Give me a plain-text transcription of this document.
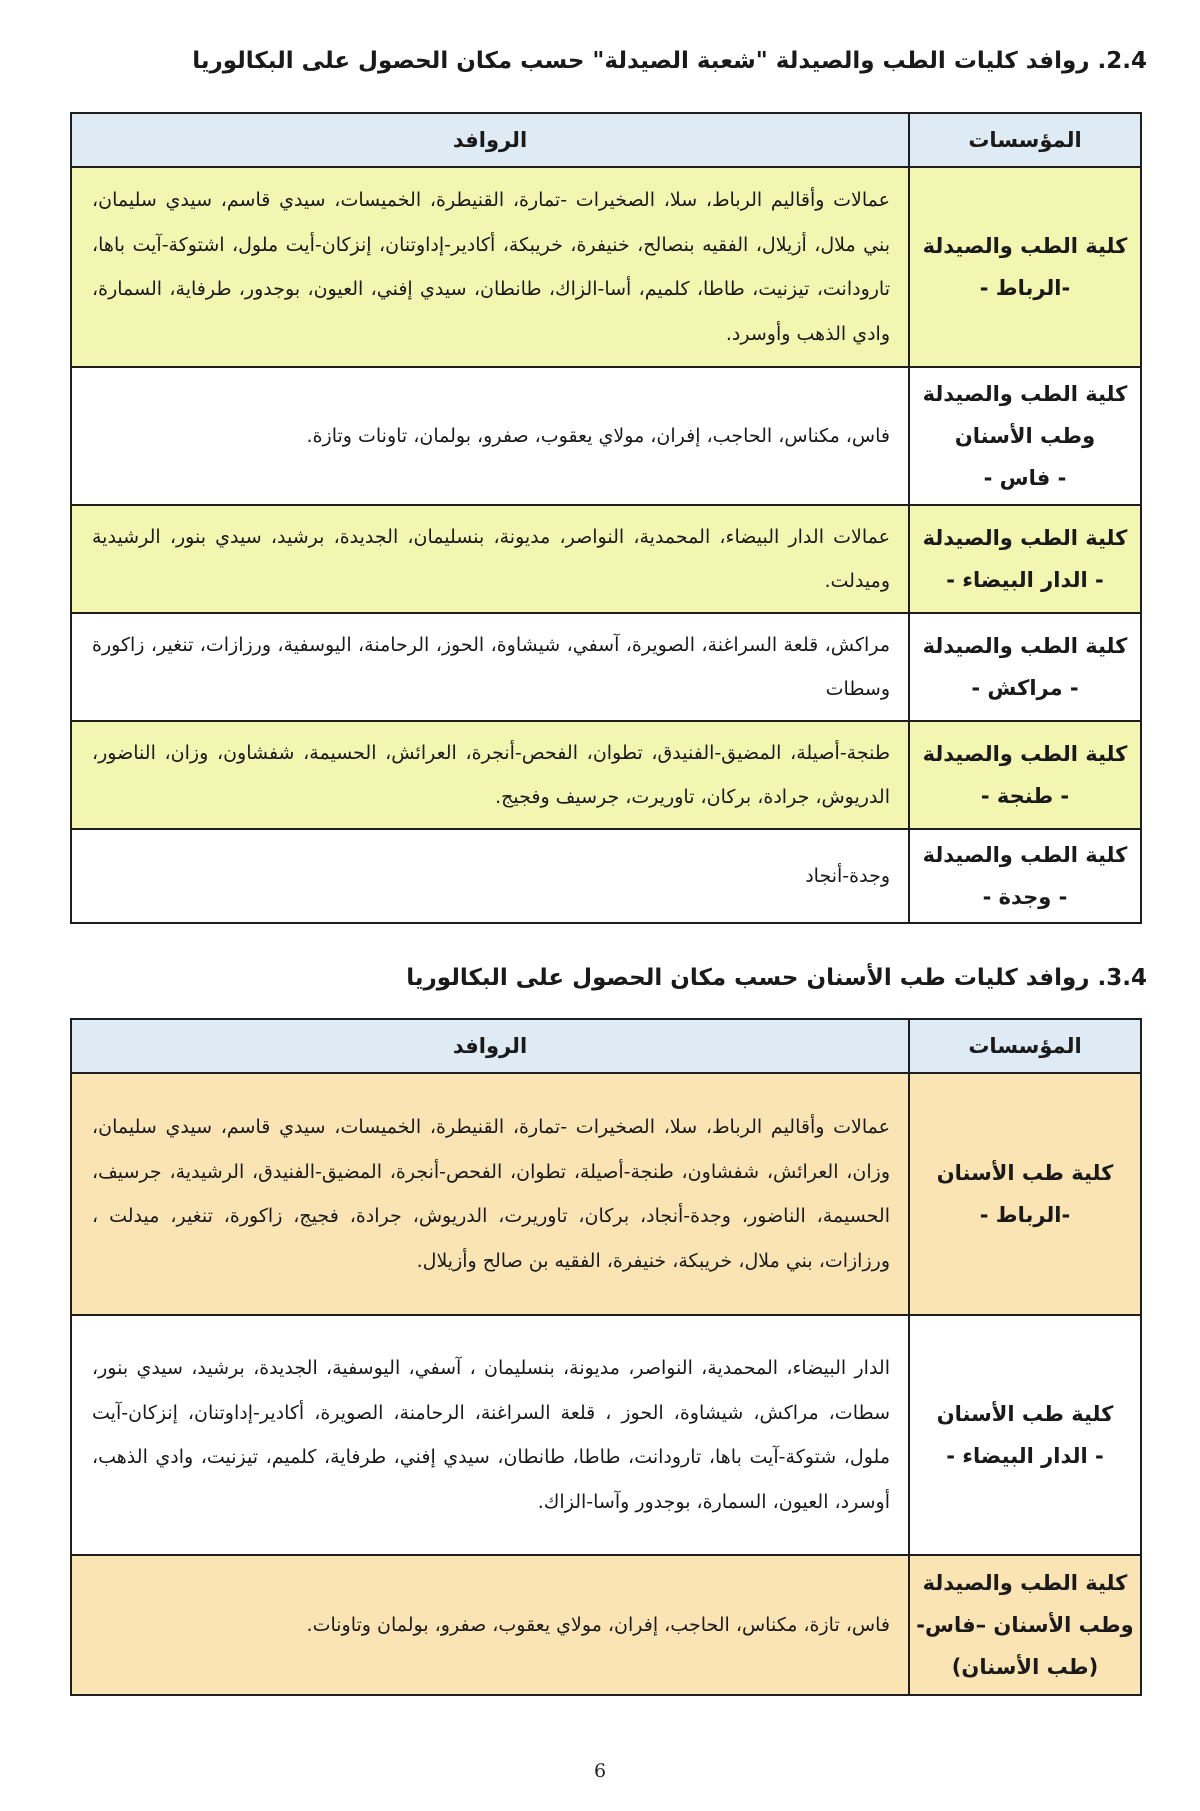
2.4. روافد كليات الطب والصيدلة "شعبة الصيدلة" حسب مكان الحصول على البكالوريا
المؤسسات	الروافد

كلية الطب والصيدلة
-الرباط -	عمالات وأقاليم الرباط، سلا، الصخيرات -تمارة، القنيطرة، الخميسات، سيدي قاسم، سيدي سليمان، بني ملال، أزيلال، الفقيه بنصالح، خنيفرة، خريبكة، أكادير-إداوتنان، إنزكان-أيت ملول، اشتوكة-آيت باها، تارودانت، تيزنيت، طاطا، كلميم، أسا-الزاك، طانطان، سيدي إفني، العيون، بوجدور، طرفاية، السمارة، وادي الذهب وأوسرد.

كلية الطب والصيدلة
وطب الأسنان
- فاس -	فاس، مكناس، الحاجب، إفران، مولاي يعقوب، صفرو، بولمان، تاونات وتازة.

كلية الطب والصيدلة
- الدار البيضاء -	عمالات الدار البيضاء، المحمدية، النواصر، مديونة، بنسليمان، الجديدة، برشيد، سيدي بنور، الرشيدية وميدلت.

كلية الطب والصيدلة
- مراكش -	مراكش، قلعة السراغنة، الصويرة، آسفي، شيشاوة، الحوز، الرحامنة، اليوسفية، ورزازات، تنغير، زاكورة وسطات

كلية الطب والصيدلة
- طنجة -	طنجة-أصيلة، المضيق-الفنيدق، تطوان، الفحص-أنجرة، العرائش، الحسيمة، شفشاون، وزان، الناضور، الدريوش، جرادة، بركان، تاوريرت، جرسيف وفجيج.

كلية الطب والصيدلة
- وجدة -	وجدة-أنجاد
3.4. روافد كليات طب الأسنان حسب مكان الحصول على البكالوريا
المؤسسات	الروافد

كلية طب الأسنان
-الرباط -	عمالات وأقاليم الرباط، سلا، الصخيرات -تمارة، القنيطرة، الخميسات، سيدي قاسم، سيدي سليمان، وزان، العرائش، شفشاون، طنجة-أصيلة، تطوان، الفحص-أنجرة، المضيق-الفنيدق، الرشيدية، جرسيف، الحسيمة، الناضور، وجدة-أنجاد، بركان، تاوريرت، الدريوش، جرادة، فجيج، زاكورة، تنغير، ميدلت ، ورزازات، بني ملال، خريبكة، خنيفرة، الفقيه بن صالح وأزيلال.

كلية طب الأسنان
- الدار البيضاء -	الدار البيضاء، المحمدية، النواصر، مديونة، بنسليمان ، آسفي، اليوسفية، الجديدة، برشيد، سيدي بنور، سطات، مراكش، شيشاوة، الحوز ، قلعة السراغنة، الرحامنة، الصويرة، أكادير-إداوتنان، إنزكان-آيت ملول، شتوكة-آيت باها، تارودانت، طاطا، طانطان، سيدي إفني، طرفاية، كلميم، تيزنيت، وادي الذهب، أوسرد، العيون، السمارة، بوجدور وآسا-الزاك.

كلية الطب والصيدلة
وطب الأسنان –فاس-
(طب الأسنان)	فاس، تازة، مكناس، الحاجب، إفران، مولاي يعقوب، صفرو، بولمان وتاونات.
6
